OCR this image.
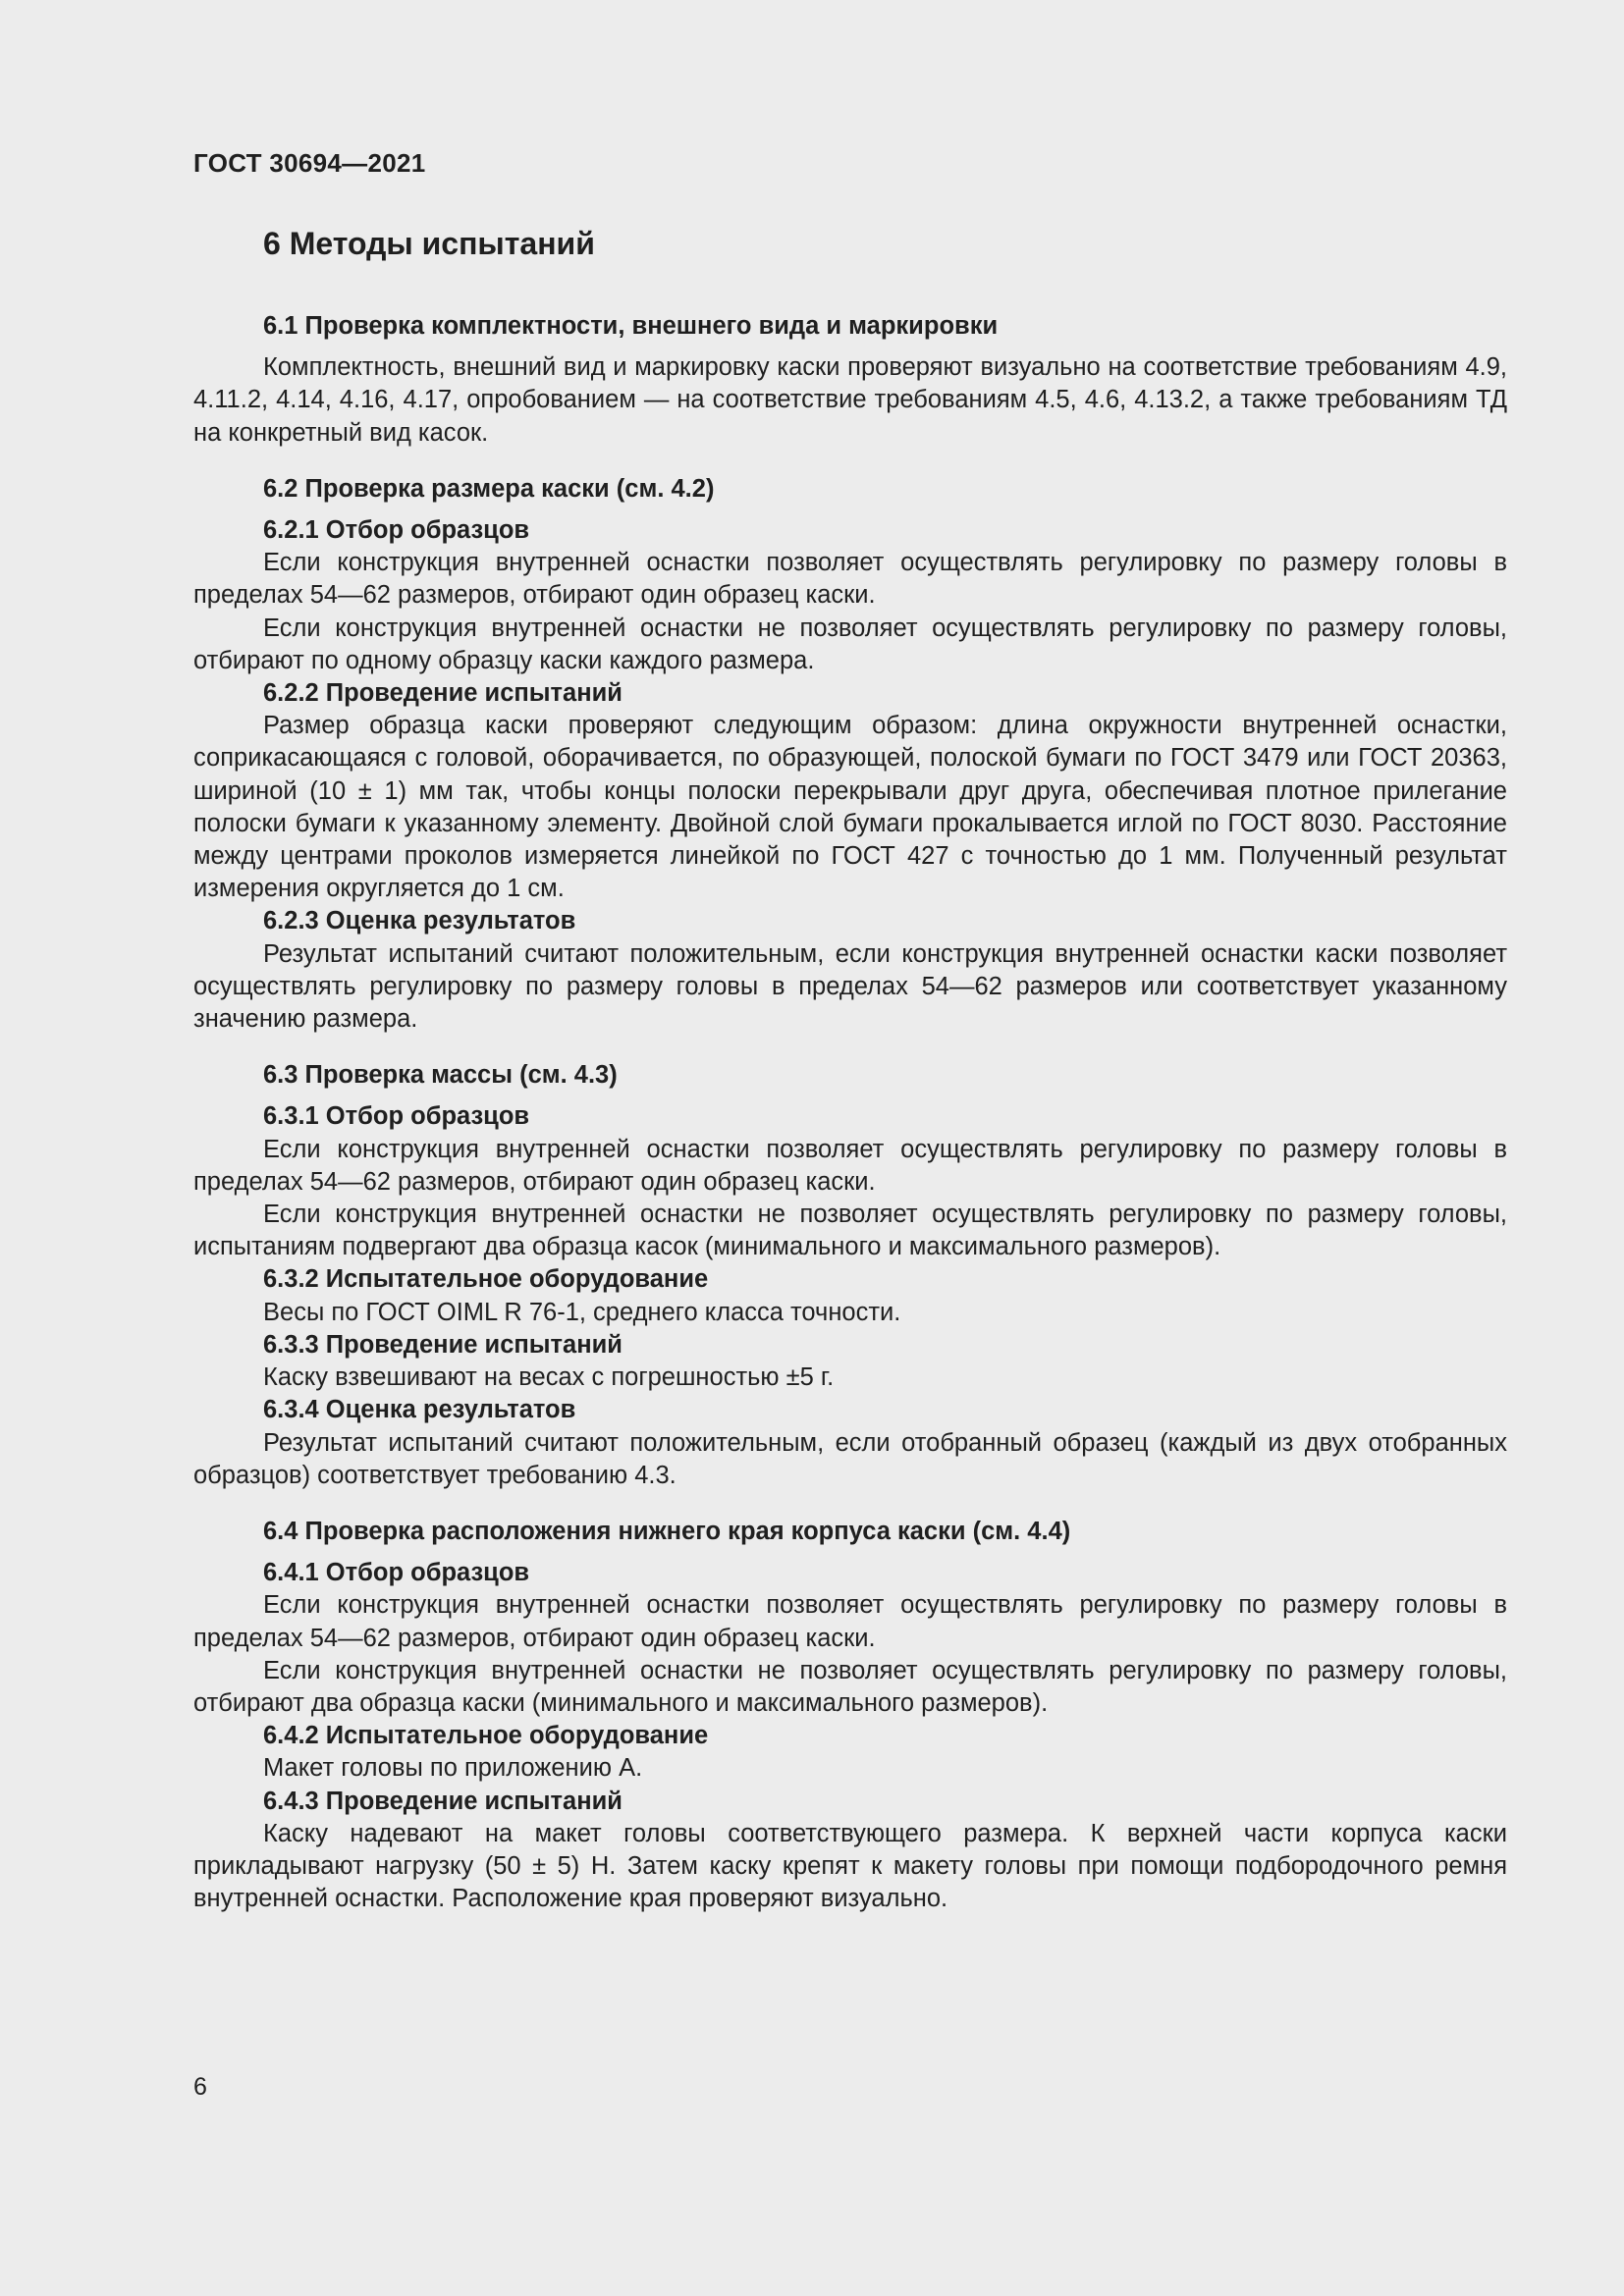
ГОСТ 30694—2021
6 Методы испытаний
6.1 Проверка комплектности, внешнего вида и маркировки

Комплектность, внешний вид и маркировку каски проверяют визуально на соответствие требованиям 4.9, 4.11.2, 4.14, 4.16, 4.17, опробованием — на соответствие требованиям 4.5, 4.6, 4.13.2, а также требованиям ТД на конкретный вид касок.

6.2 Проверка размера каски (см. 4.2)
6.2.1 Отбор образцов

Если конструкция внутренней оснастки позволяет осуществлять регулировку по размеру головы в пределах 54—62 размеров, отбирают один образец каски.

Если конструкция внутренней оснастки не позволяет осуществлять регулировку по размеру головы, отбирают по одному образцу каски каждого размера.

6.2.2 Проведение испытаний

Размер образца каски проверяют следующим образом: длина окружности внутренней оснастки, соприкасающаяся с головой, оборачивается, по образующей, полоской бумаги по ГОСТ 3479 или ГОСТ 20363, шириной (10 ± 1) мм так, чтобы концы полоски перекрывали друг друга, обеспечивая плотное прилегание полоски бумаги к указанному элементу. Двойной слой бумаги прокалывается иглой по ГОСТ 8030. Расстояние между центрами проколов измеряется линейкой по ГОСТ 427 с точностью до 1 мм. Полученный результат измерения округляется до 1 см.

6.2.3 Оценка результатов

Результат испытаний считают положительным, если конструкция внутренней оснастки каски позволяет осуществлять регулировку по размеру головы в пределах 54—62 размеров или соответствует указанному значению размера.

6.3 Проверка массы (см. 4.3)
6.3.1 Отбор образцов

Если конструкция внутренней оснастки позволяет осуществлять регулировку по размеру головы в пределах 54—62 размеров, отбирают один образец каски.

Если конструкция внутренней оснастки не позволяет осуществлять регулировку по размеру головы, испытаниям подвергают два образца касок (минимального и максимального размеров).

6.3.2 Испытательное оборудование

Весы по ГОСТ OIML R 76-1, среднего класса точности.

6.3.3 Проведение испытаний

Каску взвешивают на весах с погрешностью ±5 г.

6.3.4 Оценка результатов

Результат испытаний считают положительным, если отобранный образец (каждый из двух отобранных образцов) соответствует требованию 4.3.

6.4 Проверка расположения нижнего края корпуса каски (см. 4.4)
6.4.1 Отбор образцов

Если конструкция внутренней оснастки позволяет осуществлять регулировку по размеру головы в пределах 54—62 размеров, отбирают один образец каски.

Если конструкция внутренней оснастки не позволяет осуществлять регулировку по размеру головы, отбирают два образца каски (минимального и максимального размеров).

6.4.2 Испытательное оборудование

Макет головы по приложению А.

6.4.3 Проведение испытаний

Каску надевают на макет головы соответствующего размера. К верхней части корпуса каски прикладывают нагрузку (50 ± 5) Н. Затем каску крепят к макету головы при помощи подбородочного ремня внутренней оснастки. Расположение края проверяют визуально.

6
